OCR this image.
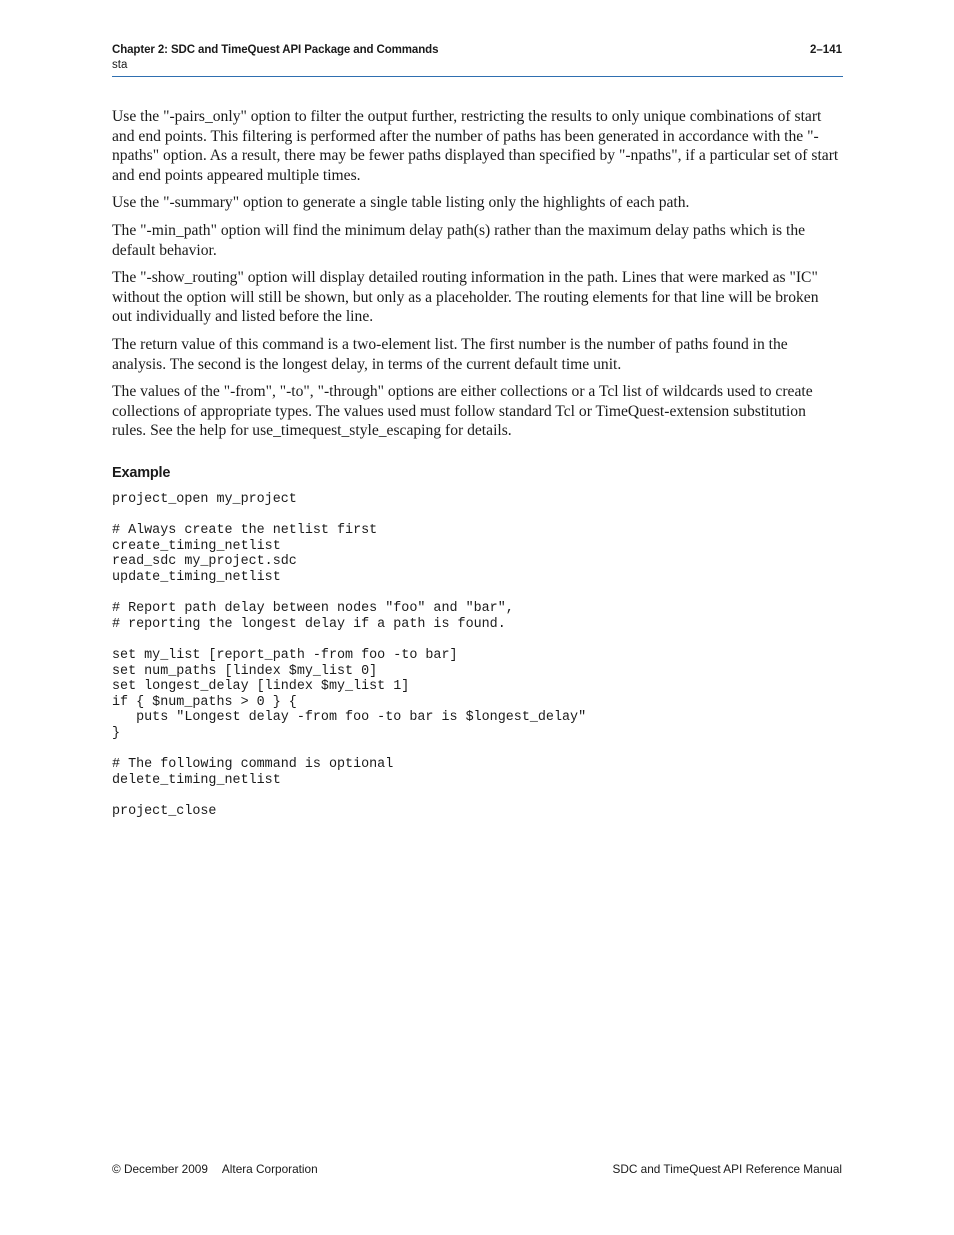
Chapter 2: SDC and TimeQuest API Package and Commands
sta
2–141

Use the "-pairs_only" option to filter the output further, restricting the results to only unique combinations of start and end points. This filtering is performed after the number of paths has been generated in accordance with the "-npaths" option. As a result, there may be fewer paths displayed than specified by "-npaths", if a particular set of start and end points appeared multiple times.

Use the "-summary" option to generate a single table listing only the highlights of each path.

The "-min_path" option will find the minimum delay path(s) rather than the maximum delay paths which is the default behavior.

The "-show_routing" option will display detailed routing information in the path. Lines that were marked as "IC" without the option will still be shown, but only as a placeholder. The routing elements for that line will be broken out individually and listed before the line.

The return value of this command is a two-element list. The first number is the number of paths found in the analysis. The second is the longest delay, in terms of the current default time unit.

The values of the "-from", "-to", "-through" options are either collections or a Tcl list of wildcards used to create collections of appropriate types. The values used must follow standard Tcl or TimeQuest-extension substitution rules. See the help for use_timequest_style_escaping for details.

Example
project_open my_project

# Always create the netlist first
create_timing_netlist
read_sdc my_project.sdc
update_timing_netlist

# Report path delay between nodes "foo" and "bar",
# reporting the longest delay if a path is found.

set my_list [report_path -from foo -to bar]
set num_paths [lindex $my_list 0]
set longest_delay [lindex $my_list 1]
if { $num_paths > 0 } {
puts "Longest delay -from foo -to bar is $longest_delay"
}

# The following command is optional
delete_timing_netlist

project_close
© December 2009 Altera Corporation	SDC and TimeQuest API Reference Manual
